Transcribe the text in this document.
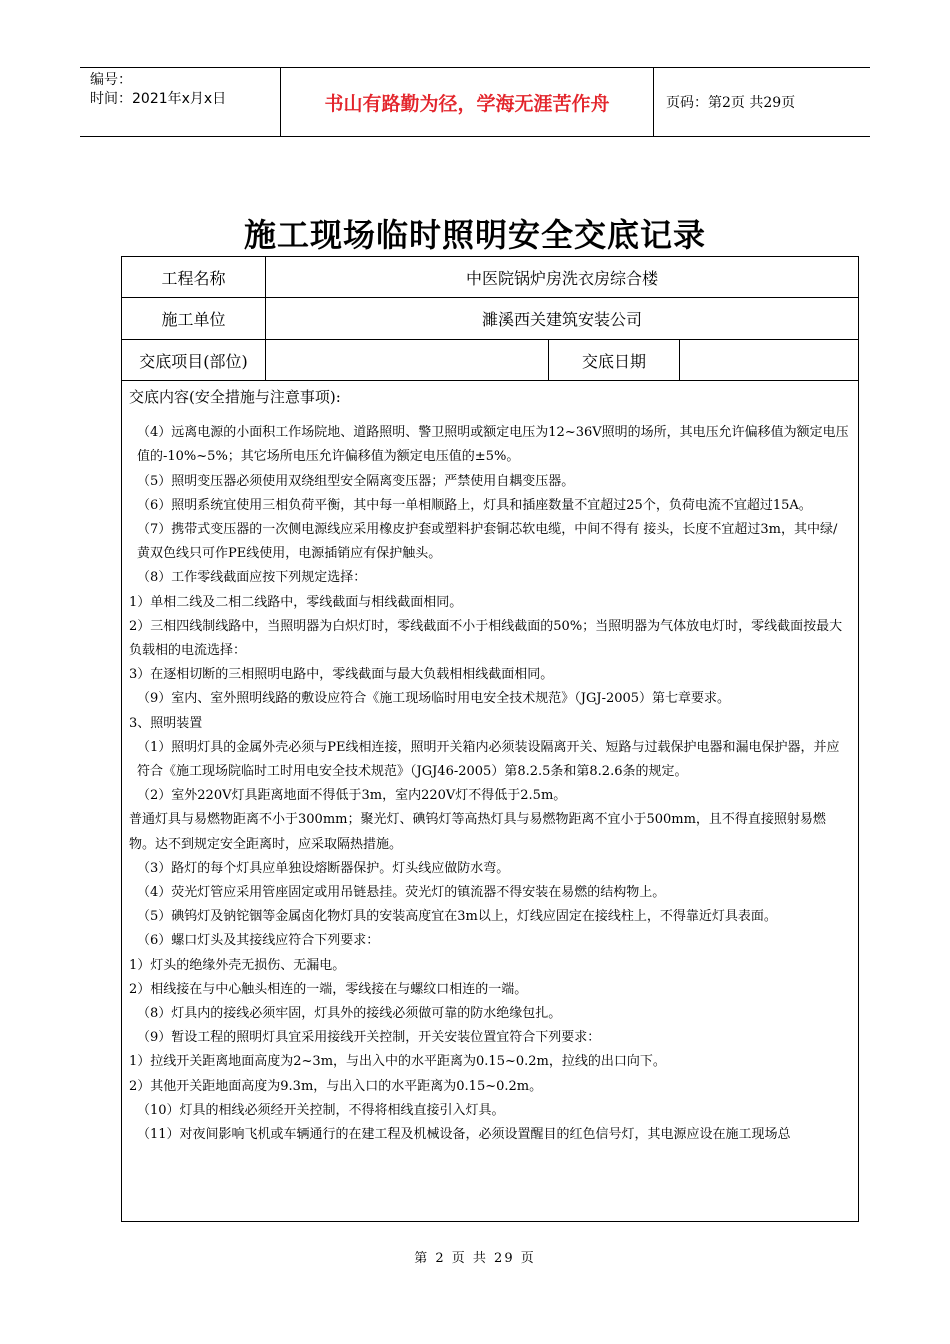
编号：
时间：2021年x月x日	书山有路勤为径，学海无涯苦作舟	页码：第2页 共29页
施工现场临时照明安全交底记录
工程名称	中医院锅炉房洗衣房综合楼
施工单位	濉溪西关建筑安装公司
交底项目(部位)	交底日期
交底内容(安全措施与注意事项):
（4）远离电源的小面积工作场院地、道路照明、警卫照明或额定电压为12~36V照明的场所，其电压允许偏移值为额定电压值的-10%~5%；其它场所电压允许偏移值为额定电压值的±5%。
（5）照明变压器必须使用双绕组型安全隔离变压器；严禁使用自耦变压器。
（6）照明系统宜使用三相负荷平衡，其中每一单相顺路上，灯具和插座数量不宜超过25个，负荷电流不宜超过15A。
（7）携带式变压器的一次侧电源线应采用橡皮护套或塑料护套铜芯软电缆，中间不得有 接头，长度不宜超过3m，其中绿/黄双色线只可作PE线使用，电源插销应有保护触头。
（8）工作零线截面应按下列规定选择：
1）单相二线及二相二线路中，零线截面与相线截面相同。
2）三相四线制线路中，当照明器为白炽灯时，零线截面不小于相线截面的50%；当照明器为气体放电灯时，零线截面按最大负载相的电流选择：
3）在逐相切断的三相照明电路中，零线截面与最大负载相相线截面相同。
（9）室内、室外照明线路的敷设应符合《施工现场临时用电安全技术规范》（JGJ-2005）第七章要求。
3、照明装置
（1）照明灯具的金属外壳必须与PE线相连接，照明开关箱内必须装设隔离开关、短路与过载保护电器和漏电保护器，并应符合《施工现场院临时工时用电安全技术规范》（JGJ46-2005）第8.2.5条和第8.2.6条的规定。
（2）室外220V灯具距离地面不得低于3m，室内220V灯不得低于2.5m。
普通灯具与易燃物距离不小于300mm；聚光灯、碘钨灯等高热灯具与易燃物距离不宜小于500mm，且不得直接照射易燃物。达不到规定安全距离时，应采取隔热措施。
（3）路灯的每个灯具应单独设熔断器保护。灯头线应做防水弯。
（4）荧光灯管应采用管座固定或用吊链悬挂。荧光灯的镇流器不得安装在易燃的结构物上。
（5）碘钨灯及钠铊铟等金属卤化物灯具的安装高度宜在3m以上，灯线应固定在接线柱上，不得靠近灯具表面。
（6）螺口灯头及其接线应符合下列要求：
1）灯头的绝缘外壳无损伤、无漏电。
2）相线接在与中心触头相连的一端，零线接在与螺纹口相连的一端。
（8）灯具内的接线必须牢固，灯具外的接线必须做可靠的防水绝缘包扎。
（9）暂设工程的照明灯具宜采用接线开关控制，开关安装位置宜符合下列要求：
1）拉线开关距离地面高度为2~3m，与出入中的水平距离为0.15~0.2m，拉线的出口向下。
2）其他开关距地面高度为9.3m，与出入口的水平距离为0.15~0.2m。
（10）灯具的相线必须经开关控制，不得将相线直接引入灯具。
（11）对夜间影响飞机或车辆通行的在建工程及机械设备，必须设置醒目的红色信号灯，其电源应设在施工现场总
第 2 页 共 29 页
